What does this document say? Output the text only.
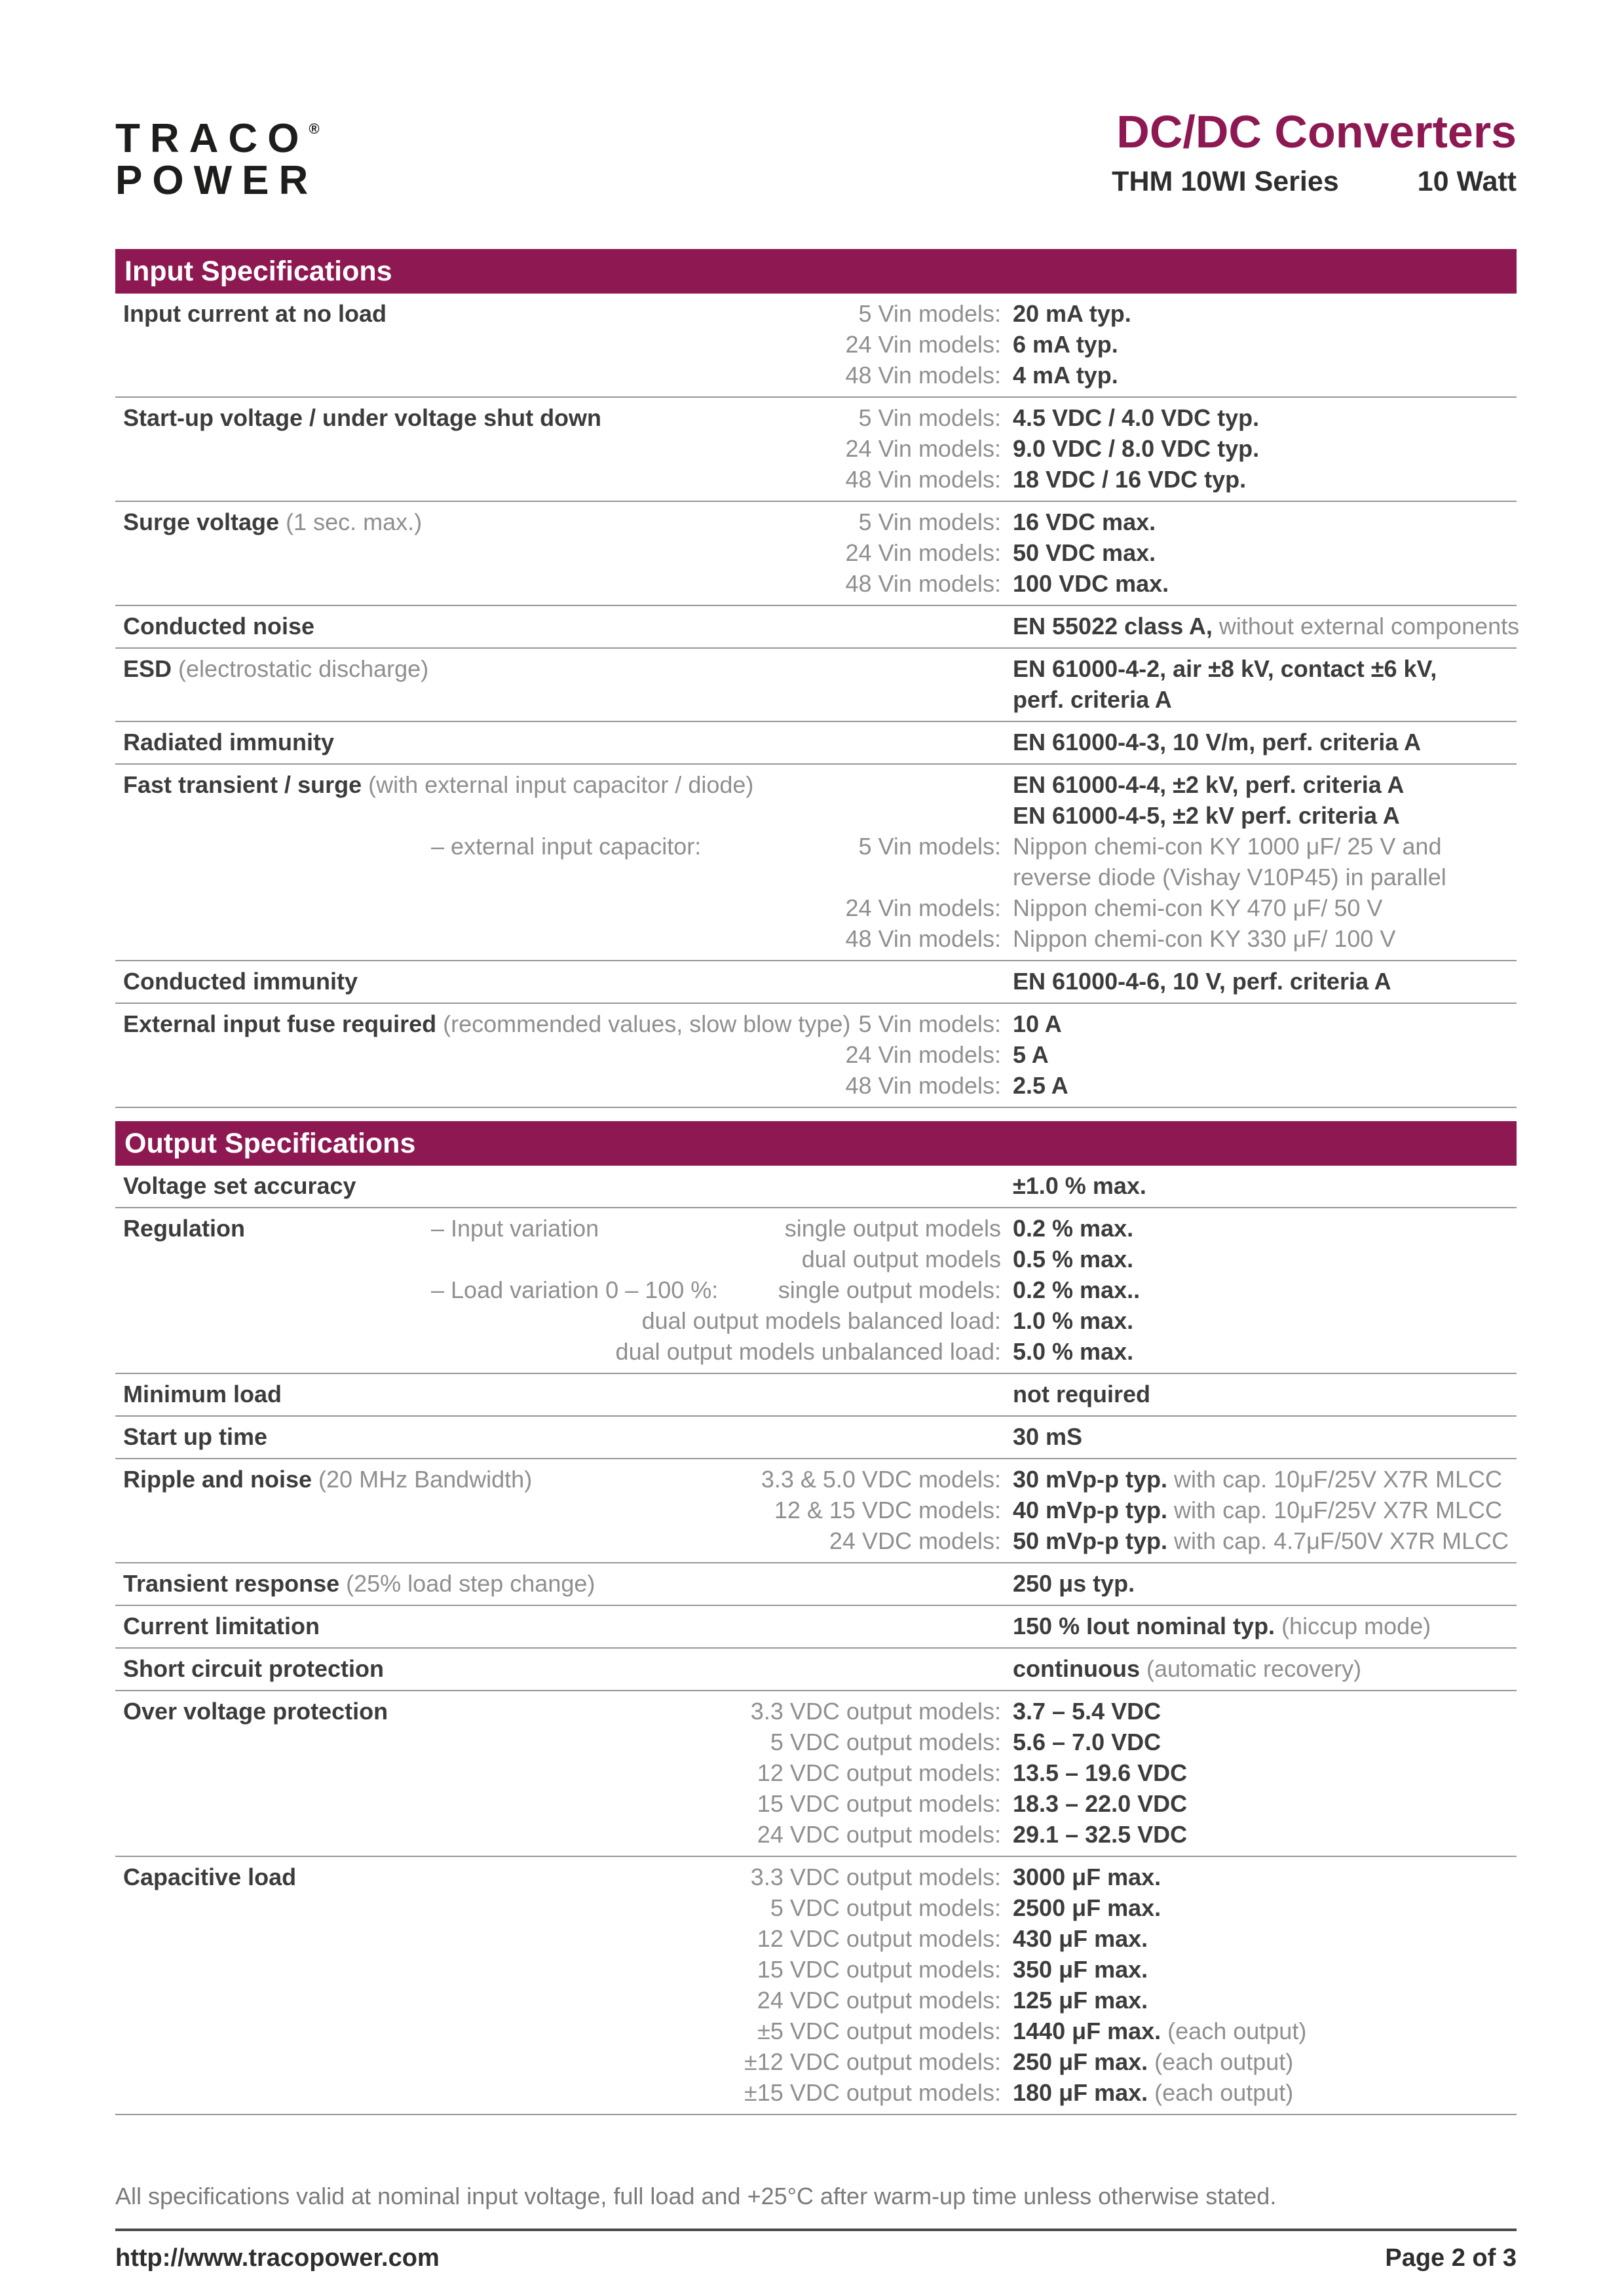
TRACO®
POWER
DC/DC Converters
THM 10WI Series	10 Watt
Input Specifications
Input current at no load	5 Vin models: 20 mA typ.
24 Vin models: 6 mA typ.
48 Vin models: 4 mA typ.
Start-up voltage / under voltage shut down	5 Vin models: 4.5 VDC / 4.0 VDC typ.
24 Vin models: 9.0 VDC / 8.0 VDC typ.
48 Vin models: 18 VDC / 16 VDC typ.
Surge voltage (1 sec. max.)	5 Vin models: 16 VDC max.
24 Vin models: 50 VDC max.
48 Vin models: 100 VDC max.
Conducted noise	EN 55022 class A, without external components
ESD (electrostatic discharge)	EN 61000-4-2, air ±8 kV, contact ±6 kV,
perf. criteria A
Radiated immunity	EN 61000-4-3, 10 V/m, perf. criteria A
Fast transient / surge (with external input capacitor / diode)	EN 61000-4-4, ±2 kV, perf. criteria A
EN 61000-4-5, ±2 kV perf. criteria A
– external input capacitor:	5 Vin models: Nippon chemi-con KY 1000 μF/ 25 V and
reverse diode (Vishay V10P45) in parallel
24 Vin models: Nippon chemi-con KY 470 μF/ 50 V
48 Vin models: Nippon chemi-con KY 330 μF/ 100 V
Conducted immunity	EN 61000-4-6, 10 V, perf. criteria A
External input fuse required (recommended values, slow blow type) 5 Vin models: 10 A
24 Vin models: 5 A
48 Vin models: 2.5 A
Output Specifications
Voltage set accuracy	±1.0 % max.
Regulation	– Input variation	single output models 0.2 % max.
dual output models 0.5 % max.
– Load variation 0 – 100 %:	single output models: 0.2 % max..
dual output models balanced load: 1.0 % max.
dual output models unbalanced load: 5.0 % max.
Minimum load	not required
Start up time	30 mS
Ripple and noise (20 MHz Bandwidth)	3.3 & 5.0 VDC models: 30 mVp-p typ. with cap. 10μF/25V X7R MLCC
12 & 15 VDC models: 40 mVp-p typ. with cap. 10μF/25V X7R MLCC
24 VDC models: 50 mVp-p typ. with cap. 4.7μF/50V X7R MLCC
Transient response (25% load step change)	250 μs typ.
Current limitation	150 % Iout nominal typ. (hiccup mode)
Short circuit protection	continuous (automatic recovery)
Over voltage protection	3.3 VDC output models: 3.7 – 5.4 VDC
5 VDC output models: 5.6 – 7.0 VDC
12 VDC output models: 13.5 – 19.6 VDC
15 VDC output models: 18.3 – 22.0 VDC
24 VDC output models: 29.1 – 32.5 VDC
Capacitive load	3.3 VDC output models: 3000 μF max.
5 VDC output models: 2500 μF max.
12 VDC output models: 430 μF max.
15 VDC output models: 350 μF max.
24 VDC output models: 125 μF max.
±5 VDC output models: 1440 μF max. (each output)
±12 VDC output models: 250 μF max. (each output)
±15 VDC output models: 180 μF max. (each output)
All specifications valid at nominal input voltage, full load and +25°C after warm-up time unless otherwise stated.
http://www.tracopower.com	Page 2 of 3
